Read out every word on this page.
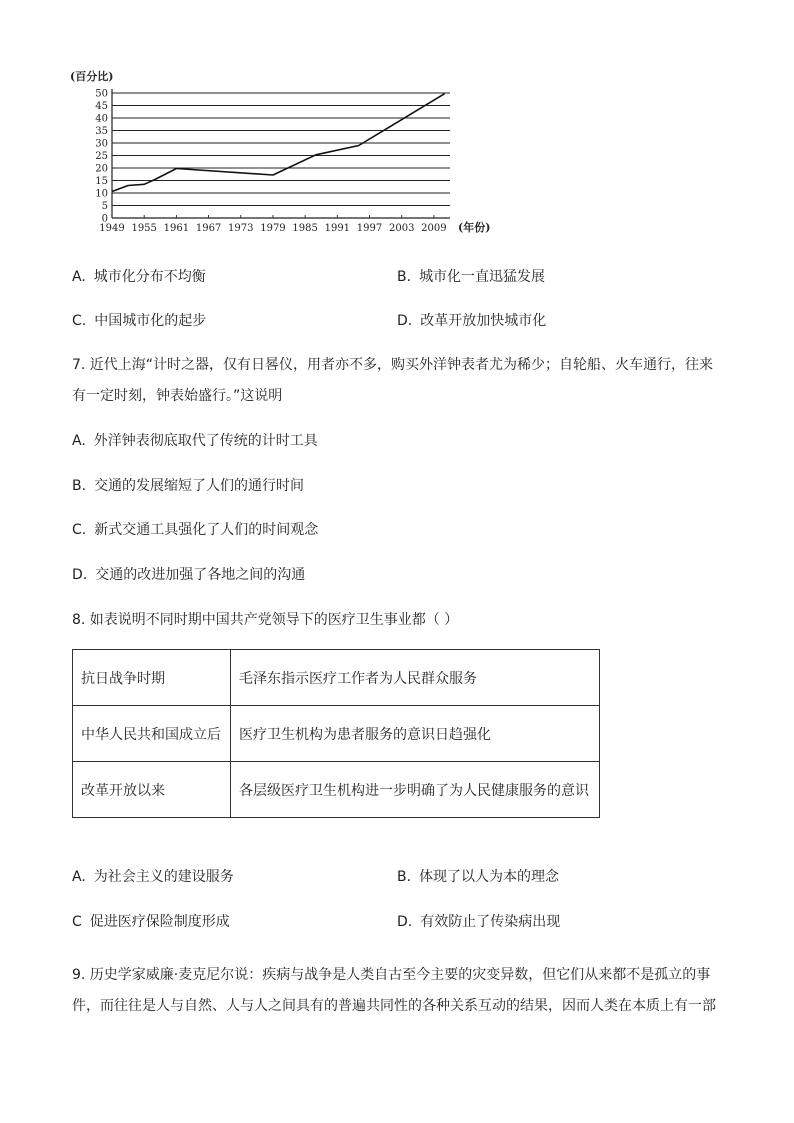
(百分比)
0
5
10
15
20
25
30
35
40
45
50
1949 1955 1961 1967 1973 1979 1985 1991 1997 2003 2009 (年份)
A. 城市化分布不均衡	B. 城市化一直迅猛发展
C. 中国城市化的起步	D. 改革开放加快城市化
7. 近代上海“计时之器，仅有日晷仪，用者亦不多，购买外洋钟表者尤为稀少；自轮船、火车通行，往来
有一定时刻，钟表始盛行。”这说明
A. 外洋钟表彻底取代了传统的计时工具
B. 交通的发展缩短了人们的通行时间
C. 新式交通工具强化了人们的时间观念
D. 交通的改进加强了各地之间的沟通
8. 如表说明不同时期中国共产党领导下的医疗卫生事业都（ ）
抗日战争时期	毛泽东指示医疗工作者为人民群众服务
中华人民共和国成立后	医疗卫生机构为患者服务的意识日趋强化
改革开放以来	各层级医疗卫生机构进一步明确了为人民健康服务的意识
A. 为社会主义的建设服务	B. 体现了以人为本的理念
C 促进医疗保险制度形成	D. 有效防止了传染病出现
9. 历史学家威廉·麦克尼尔说：疾病与战争是人类自古至今主要的灾变异数，但它们从来都不是孤立的事
件，而往往是人与自然、人与人之间具有的普遍共同性的各种关系互动的结果，因而人类在本质上有一部
